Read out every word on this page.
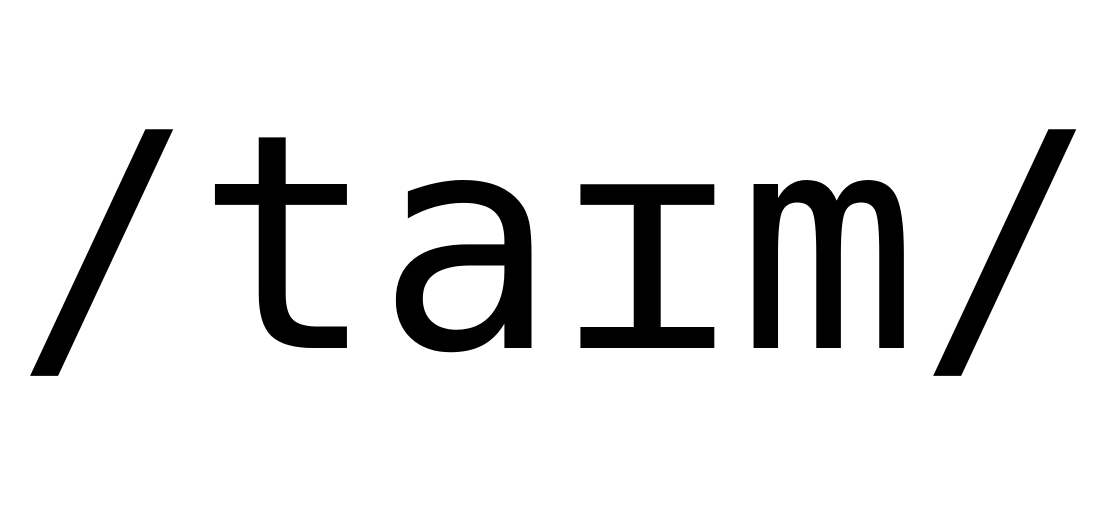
/taɪm/
